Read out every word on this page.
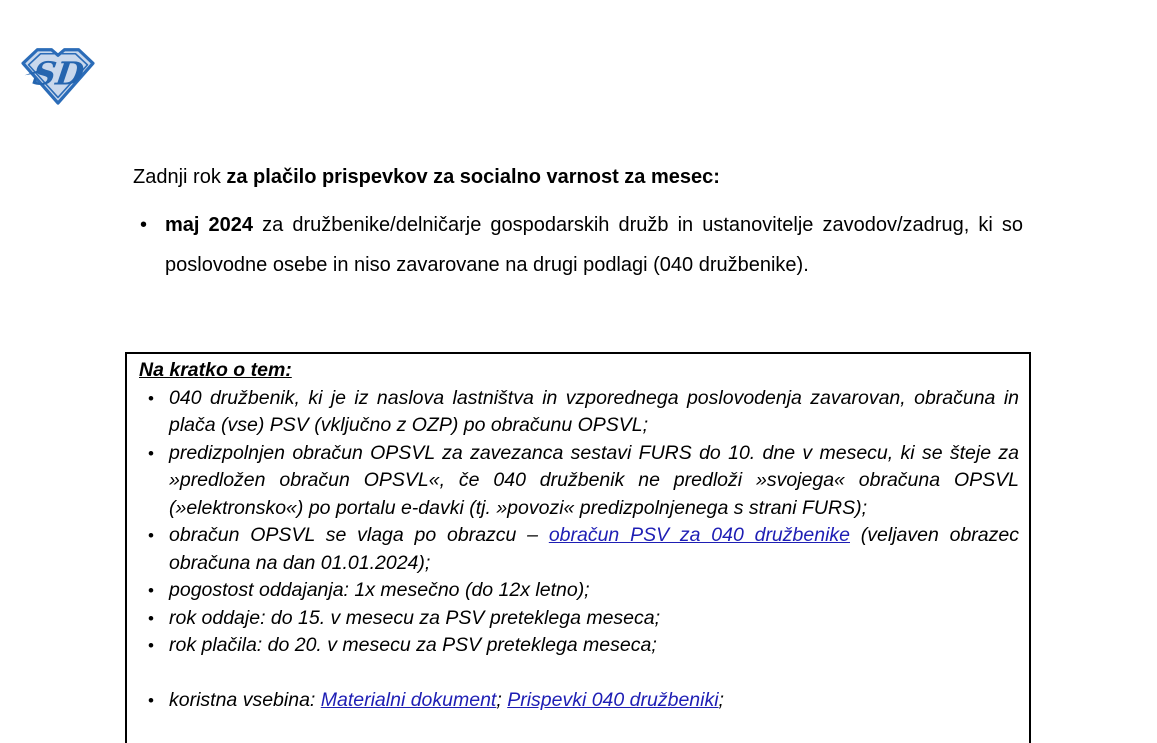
SD
Zadnji rok za plačilo prispevkov za socialno varnost za mesec:
• maj 2024 za družbenike/delničarje gospodarskih družb in ustanovitelje zavodov/zadrug, ki so poslovodne osebe in niso zavarovane na drugi podlagi (040 družbenike).
Na kratko o tem:
• 040 družbenik, ki je iz naslova lastništva in vzporednega poslovodenja zavarovan, obračuna in plača (vse) PSV (vključno z OZP) po obračunu OPSVL;
• predizpolnjen obračun OPSVL za zavezanca sestavi FURS do 10. dne v mesecu, ki se šteje za »predložen obračun OPSVL«, če 040 družbenik ne predloži »svojega« obračuna OPSVL (»elektronsko«) po portalu e-davki (tj. »povozi« predizpolnjenega s strani FURS);
• obračun OPSVL se vlaga po obrazcu – obračun PSV za 040 družbenike (veljaven obrazec obračuna na dan 01.01.2024);
• pogostost oddajanja: 1x mesečno (do 12x letno);
• rok oddaje: do 15. v mesecu za PSV preteklega meseca;
• rok plačila: do 20. v mesecu za PSV preteklega meseca;
• koristna vsebina: Materialni dokument; Prispevki 040 družbeniki;
